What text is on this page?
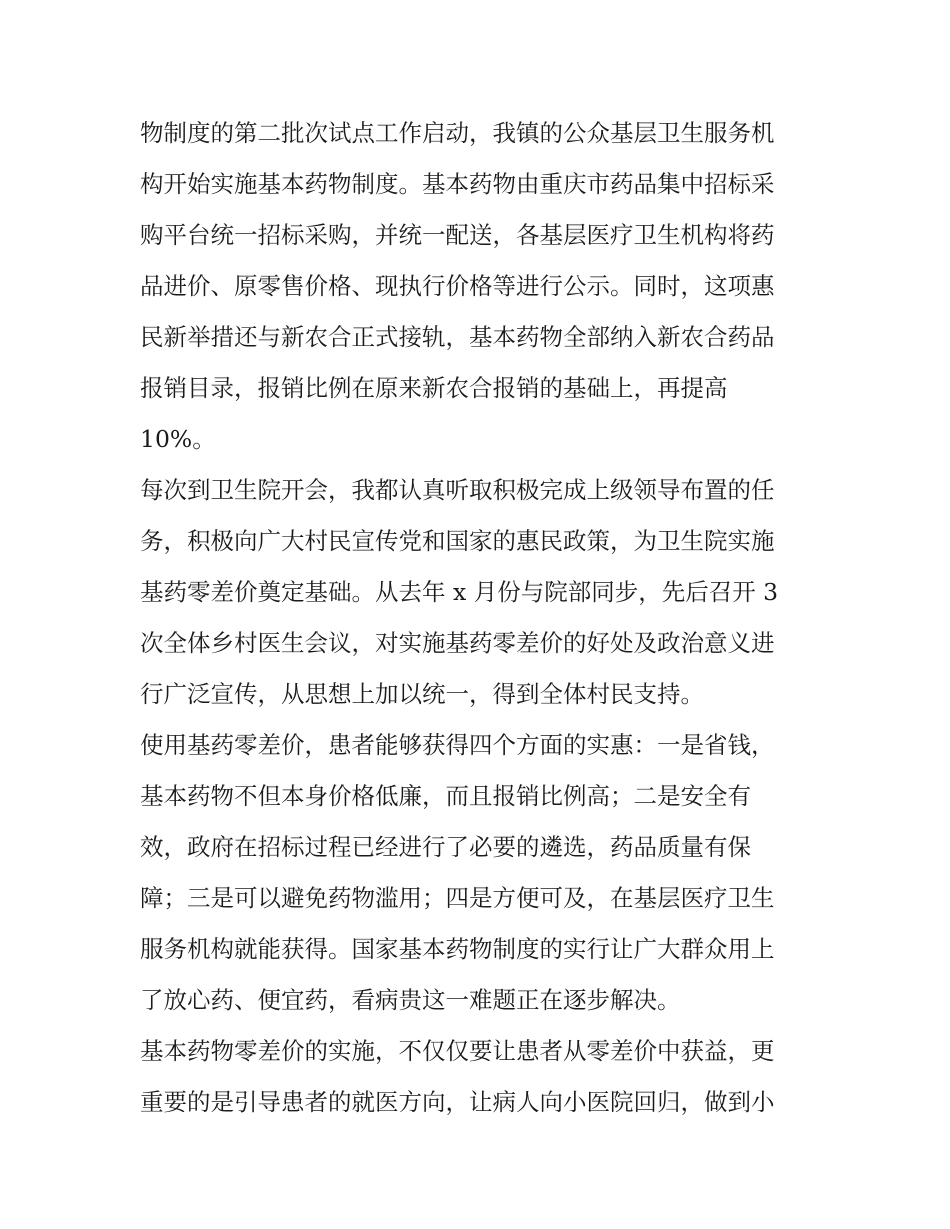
物制度的第二批次试点工作启动，我镇的公众基层卫生服务机
构开始实施基本药物制度。基本药物由重庆市药品集中招标采
购平台统一招标采购，并统一配送，各基层医疗卫生机构将药
品进价、原零售价格、现执行价格等进行公示。同时，这项惠
民新举措还与新农合正式接轨，基本药物全部纳入新农合药品
报销目录，报销比例在原来新农合报销的基础上，再提高
10%。
每次到卫生院开会，我都认真听取积极完成上级领导布置的任
务，积极向广大村民宣传党和国家的惠民政策，为卫生院实施
基药零差价奠定基础。从去年 x 月份与院部同步，先后召开 3
次全体乡村医生会议，对实施基药零差价的好处及政治意义进
行广泛宣传，从思想上加以统一，得到全体村民支持。
使用基药零差价，患者能够获得四个方面的实惠：一是省钱，
基本药物不但本身价格低廉，而且报销比例高；二是安全有
效，政府在招标过程已经进行了必要的遴选，药品质量有保
障；三是可以避免药物滥用；四是方便可及，在基层医疗卫生
服务机构就能获得。国家基本药物制度的实行让广大群众用上
了放心药、便宜药，看病贵这一难题正在逐步解决。
基本药物零差价的实施，不仅仅要让患者从零差价中获益，更
重要的是引导患者的就医方向，让病人向小医院回归，做到小
